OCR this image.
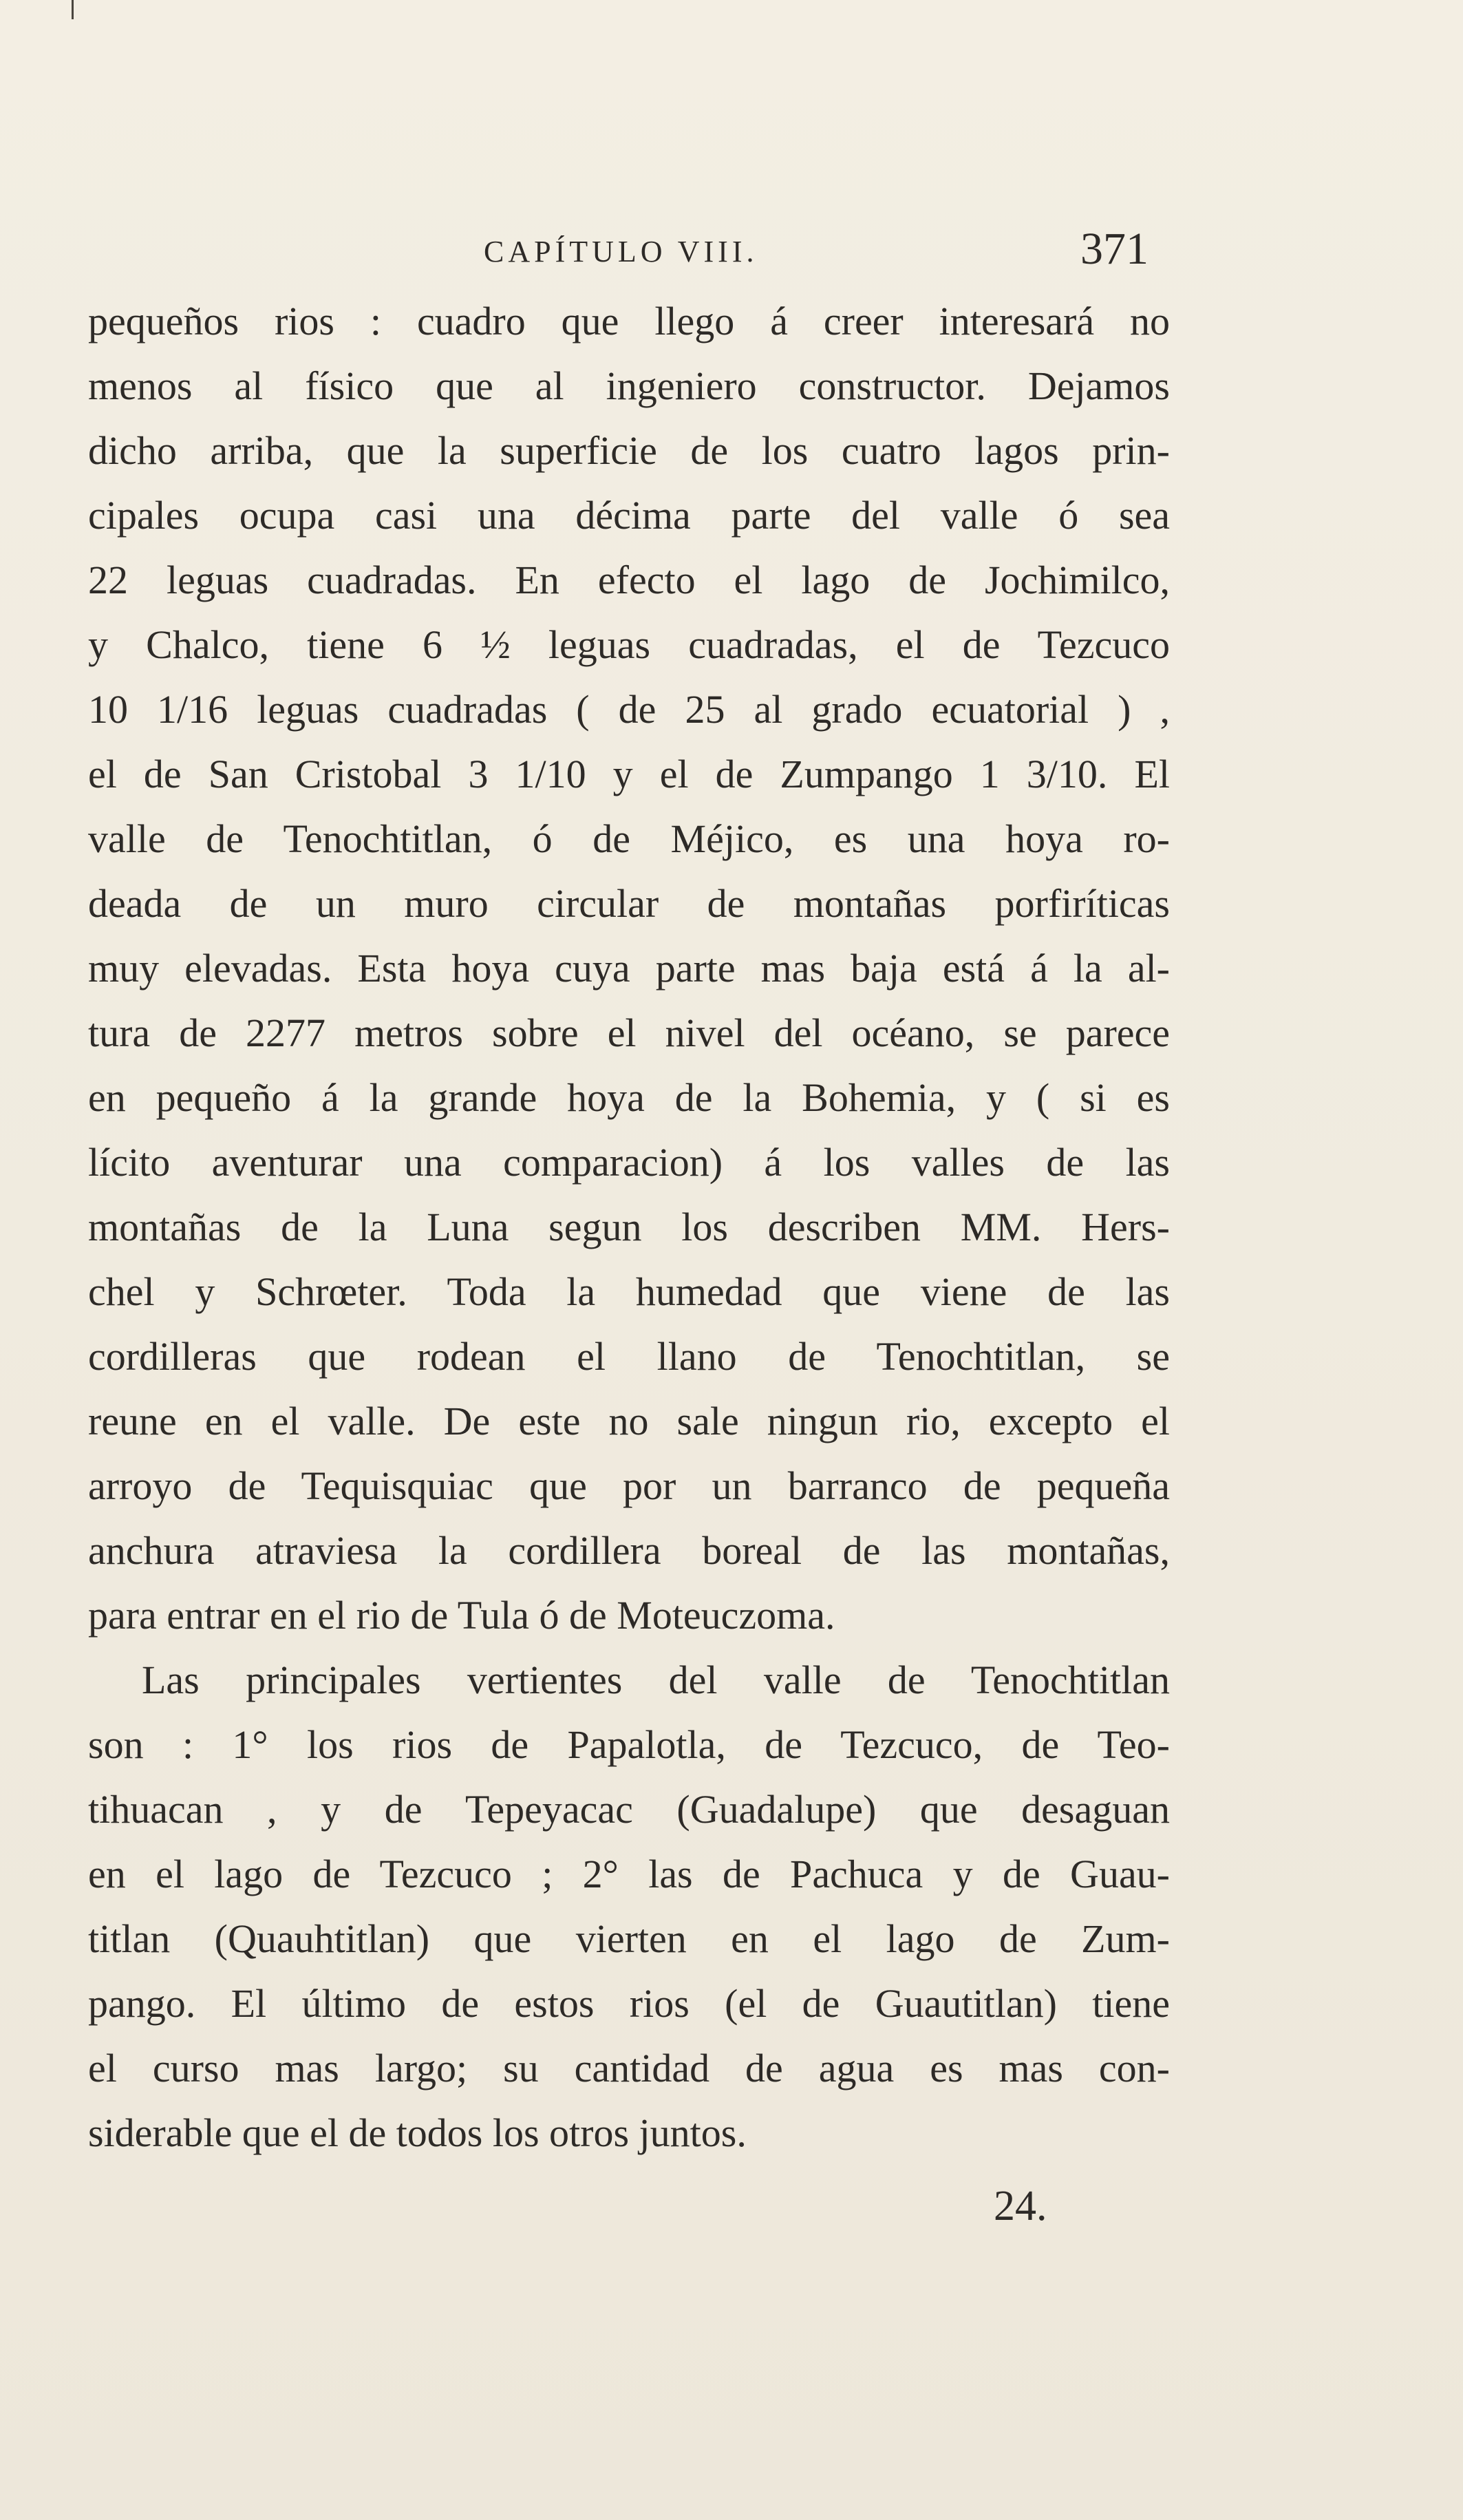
CAPÍTULO VIII.	371
pequeños rios : cuadro que llego á creer interesará no
menos al físico que al ingeniero constructor. Dejamos
dicho arriba, que la superficie de los cuatro lagos prin-
cipales ocupa casi una décima parte del valle ó sea
22 leguas cuadradas. En efecto el lago de Jochimilco,
y Chalco, tiene 6 ½ leguas cuadradas, el de Tezcuco
10 1/16 leguas cuadradas ( de 25 al grado ecuatorial ) ,
el de San Cristobal 3 1/10 y el de Zumpango 1 3/10. El
valle de Tenochtitlan, ó de Méjico, es una hoya ro-
deada de un muro circular de montañas porfiríticas
muy elevadas. Esta hoya cuya parte mas baja está á la al-
tura de 2277 metros sobre el nivel del océano, se parece
en pequeño á la grande hoya de la Bohemia, y ( si es
lícito aventurar una comparacion) á los valles de las
montañas de la Luna segun los describen MM. Hers-
chel y Schrœter. Toda la humedad que viene de las
cordilleras que rodean el llano de Tenochtitlan, se
reune en el valle. De este no sale ningun rio, excepto el
arroyo de Tequisquiac que por un barranco de pequeña
anchura atraviesa la cordillera boreal de las montañas,
para entrar en el rio de Tula ó de Moteuczoma.
Las principales vertientes del valle de Tenochtitlan
son : 1° los rios de Papalotla, de Tezcuco, de Teo-
tihuacan , y de Tepeyacac (Guadalupe) que desaguan
en el lago de Tezcuco ; 2° las de Pachuca y de Guau-
titlan (Quauhtitlan) que vierten en el lago de Zum-
pango. El último de estos rios (el de Guautitlan) tiene
el curso mas largo; su cantidad de agua es mas con-
siderable que el de todos los otros juntos.
24.
